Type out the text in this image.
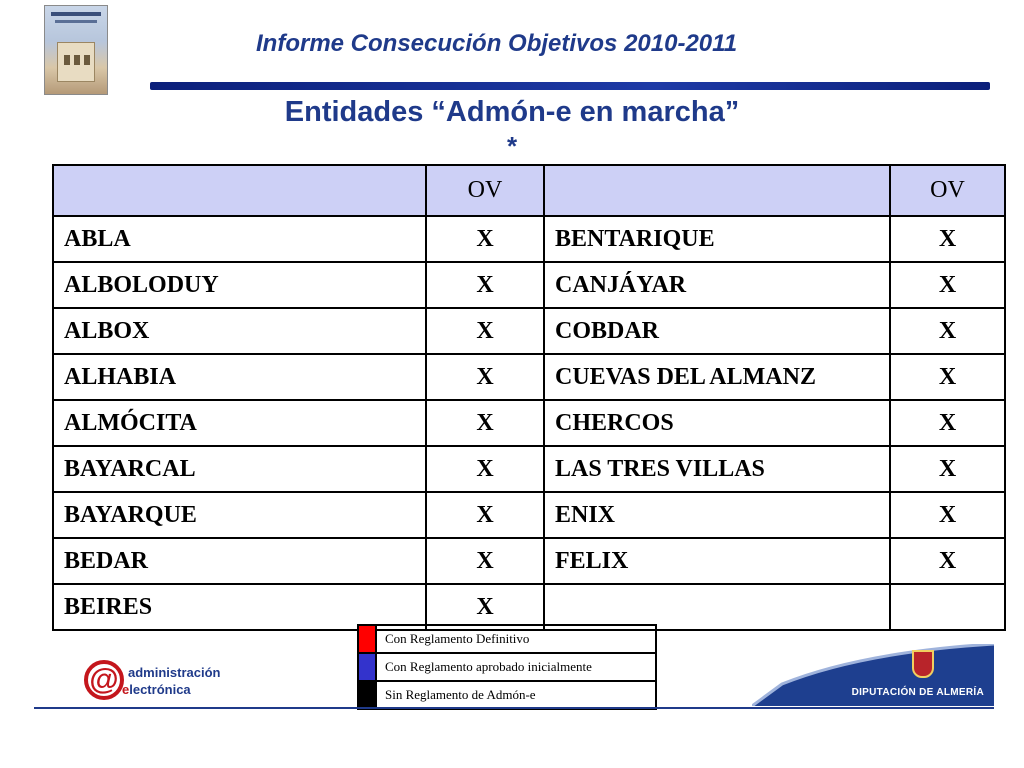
Informe Consecución Objetivos 2010-2011
Entidades “Admón-e en marcha”
*
	OV		OV
ABLA	X	BENTARIQUE	X
ALBOLODUY	X	CANJÁYAR	X
ALBOX	X	COBDAR	X
ALHABIA	X	CUEVAS DEL ALMANZ	X
ALMÓCITA	X	CHERCOS	X
BAYARCAL	X	LAS TRES VILLAS	X
BAYARQUE	X	ENIX	X
BEDAR	X	FELIX	X
BEIRES	X		
	Con Reglamento Definitivo
	Con Reglamento aprobado inicialmente
	Sin Reglamento de Admón-e
@ administración
electrónica	DIPUTACIÓN DE ALMERÍA
